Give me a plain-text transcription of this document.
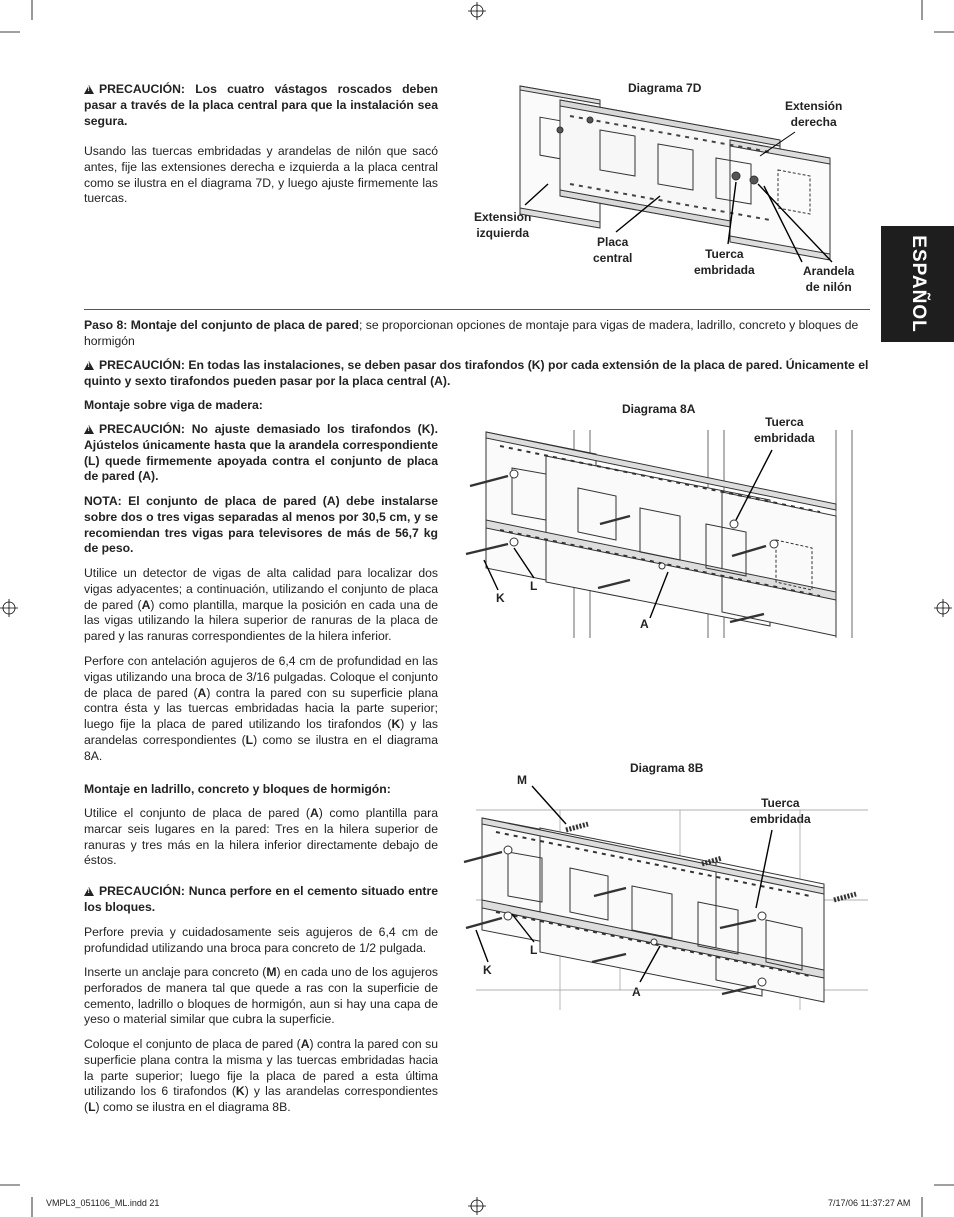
ESPAÑOL
!PRECAUCIÓN: Los cuatro vástagos roscados deben pasar a través de la placa central para que la instalación sea segura.
Usando las tuercas embridadas y arandelas de nilón que sacó antes, fije las extensiones derecha e izquierda a la placa central como se ilustra en el diagrama 7D, y luego ajuste firmemente las tuercas.
Diagrama 7D
Extensión
derecha
Extensión
izquierda
Placa
central	Tuerca
embridada	Arandela
de nilón
Paso 8: Montaje del conjunto de placa de pared; se proporcionan opciones de montaje para vigas de madera, ladrillo, concreto y bloques de hormigón
!PRECAUCIÓN: En todas las instalaciones, se deben pasar dos tirafondos (K) por cada extensión de la placa de pared. Únicamente el quinto y sexto tirafondos pueden pasar por la placa central (A).
Montaje sobre viga de madera:
!PRECAUCIÓN: No ajuste demasiado los tirafondos (K). Ajústelos únicamente hasta que la arandela correspondiente (L) quede firmemente apoyada contra el conjunto de placa de pared (A).
NOTA: El conjunto de placa de pared (A) debe instalarse sobre dos o tres vigas separadas al menos por 30,5 cm, y se recomiendan tres vigas para televisores de más de 56,7 kg de peso.
Utilice un detector de vigas de alta calidad para localizar dos vigas adyacentes; a continuación, utilizando el conjunto de placa de pared (A) como plantilla, marque la posición en cada una de las vigas utilizando la hilera superior de ranuras de la placa de pared y las ranuras correspondientes de la hilera inferior.
Perfore con antelación agujeros de 6,4 cm de profundidad en las vigas utilizando una broca de 3/16 pulgadas. Coloque el conjunto de placa de pared (A) contra la pared con su superficie plana contra ésta y las tuercas embridadas hacia la parte superior; luego fije la placa de pared utilizando los tirafondos (K) y las arandelas correspondientes (L) como se ilustra en el diagrama 8A.
Montaje en ladrillo, concreto y bloques de hormigón:
Utilice el conjunto de placa de pared (A) como plantilla para marcar seis lugares en la pared: Tres en la hilera superior de ranuras y tres más en la hilera inferior directamente debajo de éstos.
!PRECAUCIÓN: Nunca perfore en el cemento situado entre los bloques.
Perfore previa y cuidadosamente seis agujeros de 6,4 cm de profundidad utilizando una broca para concreto de 1/2 pulgada.
Inserte un anclaje para concreto (M) en cada uno de los agujeros perforados de manera tal que quede a ras con la superficie de cemento, ladrillo o bloques de hormigón, aun si hay una capa de yeso o material similar que cubra la superficie.
Coloque el conjunto de placa de pared (A) contra la pared con su superficie plana contra la misma y las tuercas embridadas hacia la parte superior; luego fije la placa de pared a esta última utilizando los 6 tirafondos (K) y las arandelas correspondientes (L) como se ilustra en el diagrama 8B.
Diagrama 8A
Tuerca
embridada
L
K
A
Diagrama 8B
M
Tuerca
embridada
L
K
A
VMPL3_051106_ML.indd 21	7/17/06 11:37:27 AM
